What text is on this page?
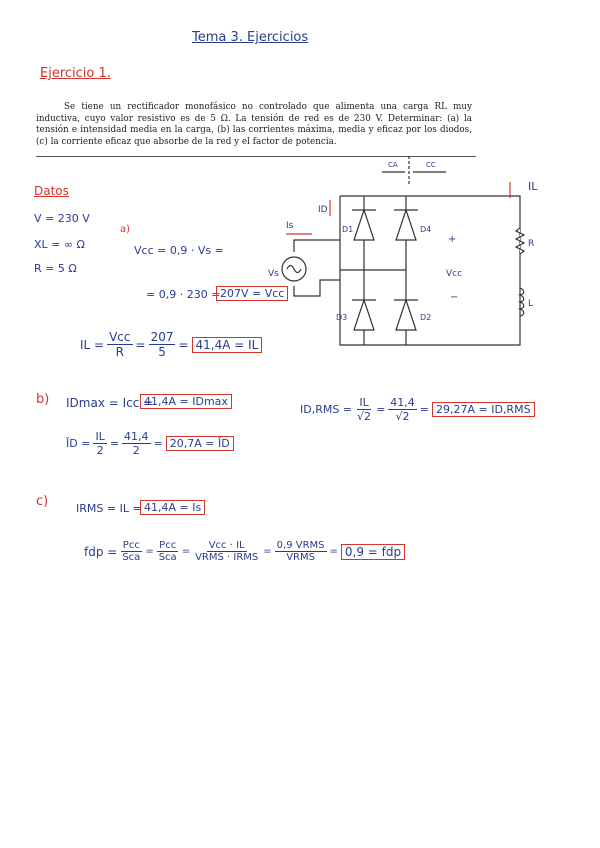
Tema 3. Ejercicios
Ejercicio 1.
Se tiene un rectificador monofásico no controlado que alimenta una carga RL muy inductiva, cuyo valor resistivo es de 5 Ω. La tensión de red es de 230 V. Determinar: (a) la tensión e intensidad media en la carga, (b) las corrientes máxima, media y eficaz por los diodos, (c) la corriente eficaz que absorbe de la red y el factor de potencia.
Datos
V = 230 V
XL = ∞ Ω
R = 5 Ω
a)
Vcc = 0,9 · Vs =
= 0,9 · 230 = 207V = Vcc
IL = $\frac{\text{Vcc}}{R} = \frac{207}{5} = 41,4A$ = IL
b) IDmax = Icc =
41,4A = IDmax
ĪD = $\frac{IL}{2} = \frac{41,4}{2} = 20,7A$ = ĪD
$ID,RMS = \frac{IL}{√2} = \frac{41,4}{√2} = 29,27A = ID,RMS$
c)	IRMS = IL = 41,4A = Is
fdp = $\frac{\text{Pcc}}{\text{Sca}} = \frac{\text{Pcc}}{\text{Sca}} = \frac{\text{Vcc · IL}}{\text{VRMS · IRMS}} = \frac{\text{0,9 VRMS}}{\text{VRMS}} = 0,9$ = fdp
CA	CC
IL
Is
ID
Vs	Vcc
+
−
R
L
D1	D4
D3	D2
